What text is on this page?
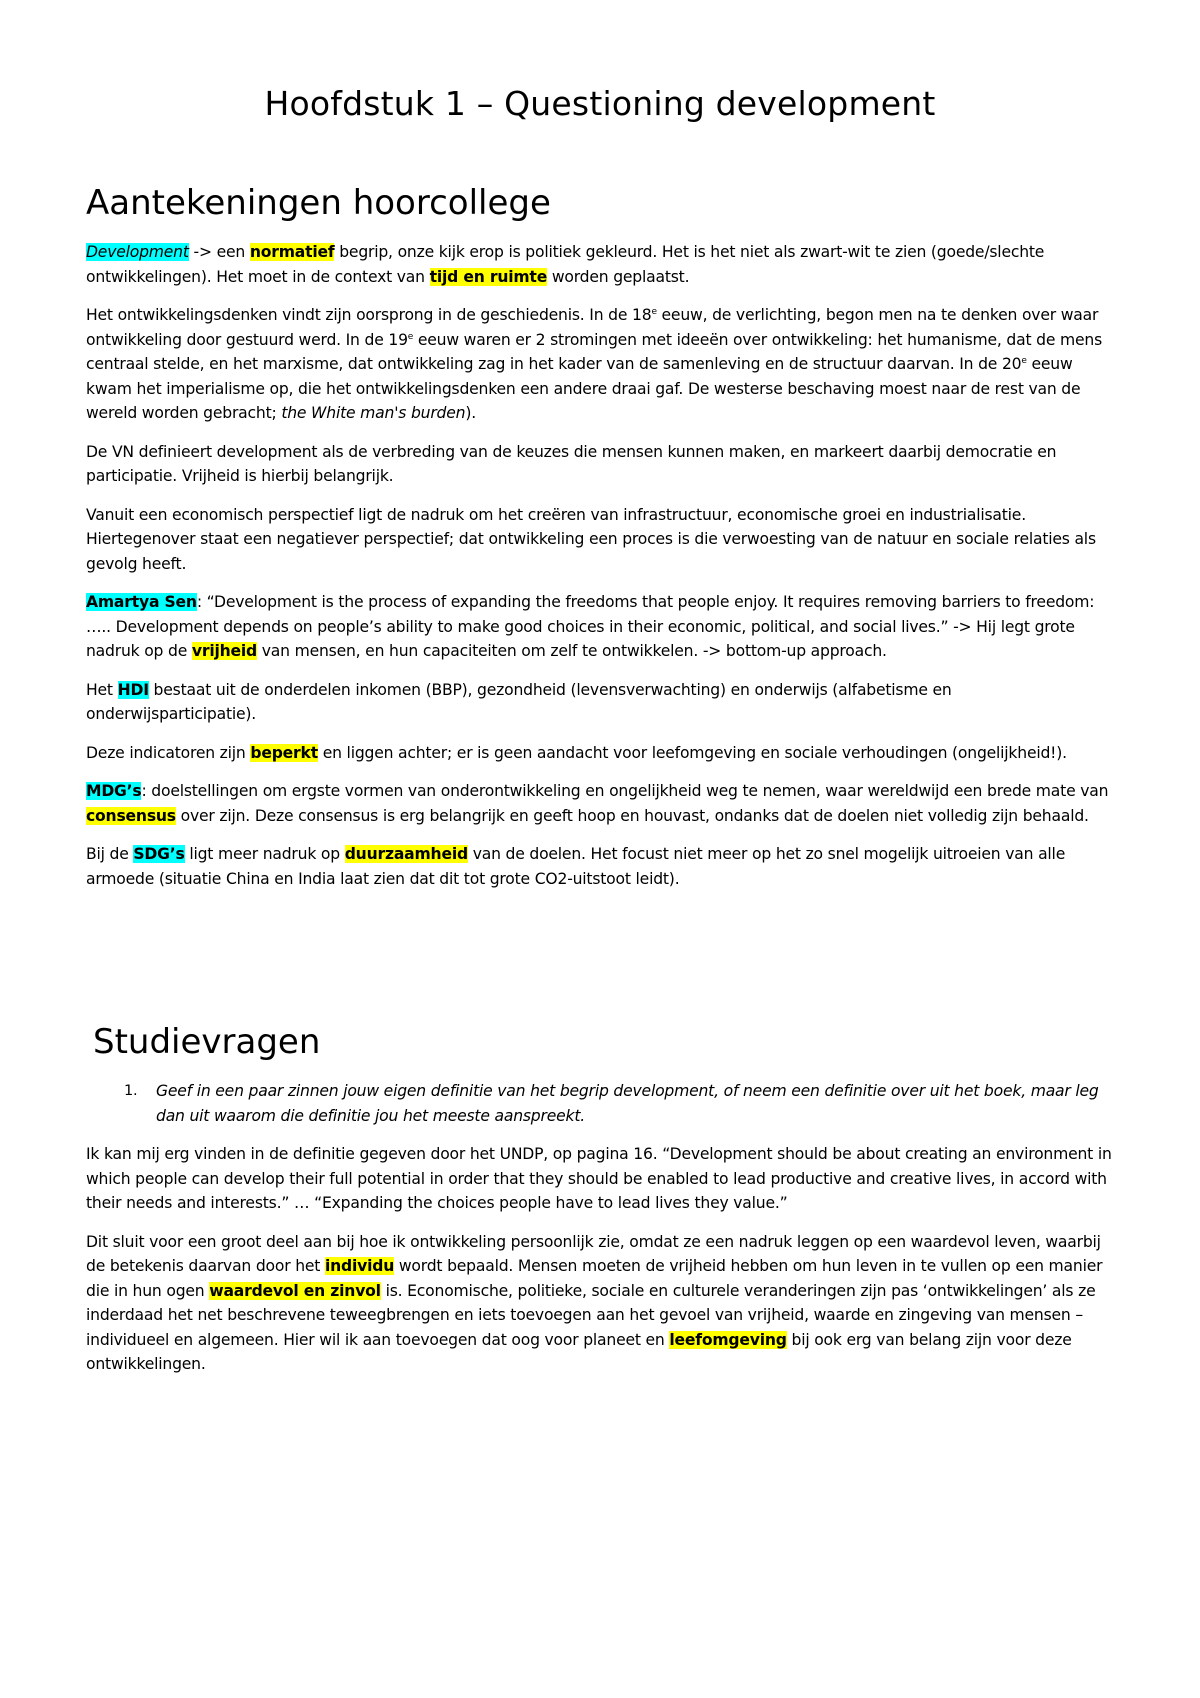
Hoofdstuk 1 – Questioning development
Aantekeningen hoorcollege

Development -> een normatief begrip, onze kijk erop is politiek gekleurd. Het is het niet als zwart-wit te zien (goede/slechte ontwikkelingen). Het moet in de context van tijd en ruimte worden geplaatst.

Het ontwikkelingsdenken vindt zijn oorsprong in de geschiedenis. In de 18e eeuw, de verlichting, begon men na te denken over waar ontwikkeling door gestuurd werd. In de 19e eeuw waren er 2 stromingen met ideeën over ontwikkeling: het humanisme, dat de mens centraal stelde, en het marxisme, dat ontwikkeling zag in het kader van de samenleving en de structuur daarvan. In de 20e eeuw kwam het imperialisme op, die het ontwikkelingsdenken een andere draai gaf. De westerse beschaving moest naar de rest van de wereld worden gebracht; the White man's burden).

De VN definieert development als de verbreding van de keuzes die mensen kunnen maken, en markeert daarbij democratie en participatie. Vrijheid is hierbij belangrijk.

Vanuit een economisch perspectief ligt de nadruk om het creëren van infrastructuur, economische groei en industrialisatie. Hiertegenover staat een negatiever perspectief; dat ontwikkeling een proces is die verwoesting van de natuur en sociale relaties als gevolg heeft.

Amartya Sen: “Development is the process of expanding the freedoms that people enjoy. It requires removing barriers to freedom: ….. Development depends on people’s ability to make good choices in their economic, political, and social lives.” -> Hij legt grote nadruk op de vrijheid van mensen, en hun capaciteiten om zelf te ontwikkelen. -> bottom-up approach.

Het HDI bestaat uit de onderdelen inkomen (BBP), gezondheid (levensverwachting) en onderwijs (alfabetisme en onderwijsparticipatie).

Deze indicatoren zijn beperkt en liggen achter; er is geen aandacht voor leefomgeving en sociale verhoudingen (ongelijkheid!).

MDG’s: doelstellingen om ergste vormen van onderontwikkeling en ongelijkheid weg te nemen, waar wereldwijd een brede mate van consensus over zijn. Deze consensus is erg belangrijk en geeft hoop en houvast, ondanks dat de doelen niet volledig zijn behaald.

Bij de SDG’s ligt meer nadruk op duurzaamheid van de doelen. Het focust niet meer op het zo snel mogelijk uitroeien van alle armoede (situatie China en India laat zien dat dit tot grote CO2-uitstoot leidt).

Studievragen
1.	Geef in een paar zinnen jouw eigen definitie van het begrip development, of neem een definitie over uit het boek, maar leg dan uit waarom die definitie jou het meeste aanspreekt.

Ik kan mij erg vinden in de definitie gegeven door het UNDP, op pagina 16. “Development should be about creating an environment in which people can develop their full potential in order that they should be enabled to lead productive and creative lives, in accord with their needs and interests.” … “Expanding the choices people have to lead lives they value.”

Dit sluit voor een groot deel aan bij hoe ik ontwikkeling persoonlijk zie, omdat ze een nadruk leggen op een waardevol leven, waarbij de betekenis daarvan door het individu wordt bepaald. Mensen moeten de vrijheid hebben om hun leven in te vullen op een manier die in hun ogen waardevol en zinvol is. Economische, politieke, sociale en culturele veranderingen zijn pas ‘ontwikkelingen’ als ze inderdaad het net beschrevene teweegbrengen en iets toevoegen aan het gevoel van vrijheid, waarde en zingeving van mensen – individueel en algemeen. Hier wil ik aan toevoegen dat oog voor planeet en leefomgeving bij ook erg van belang zijn voor deze ontwikkelingen.
